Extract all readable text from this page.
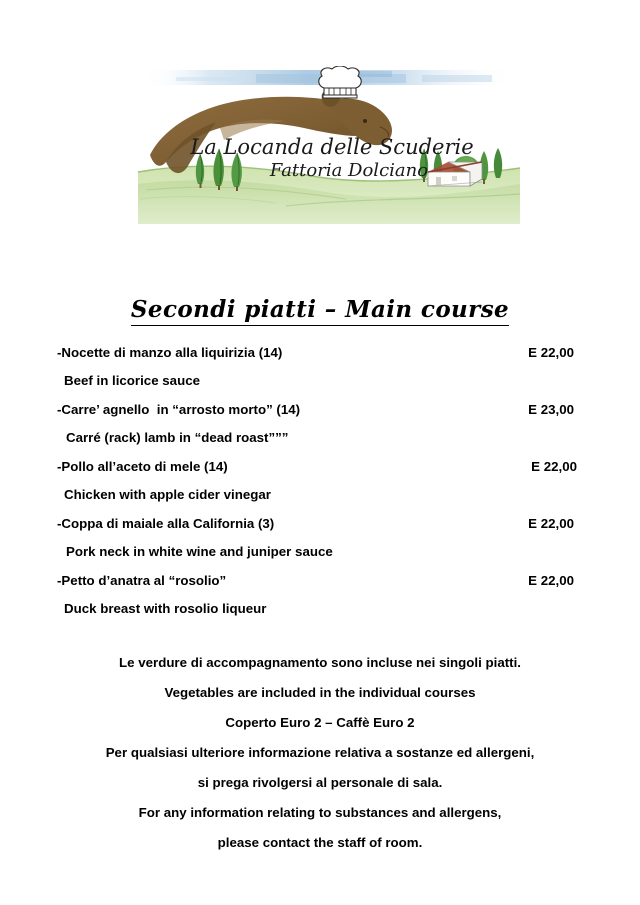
La Locanda delle Scuderie
Fattoria Dolciano
Secondi piatti – Main course
-Nocette di manzo alla liquirizia (14)	E 22,00
Beef in licorice sauce
-Carre’ agnello  in “arrosto morto” (14)	E 23,00
Carré (rack) lamb in “dead roast”””
-Pollo all’aceto di mele (14)	E 22,00
Chicken with apple cider vinegar
-Coppa di maiale alla California (3)	E 22,00
Pork neck in white wine and juniper sauce
-Petto d’anatra al “rosolio”	E 22,00
Duck breast with rosolio liqueur
Le verdure di accompagnamento sono incluse nei singoli piatti.
Vegetables are included in the individual courses
Coperto Euro 2 – Caffè Euro 2
Per qualsiasi ulteriore informazione relativa a sostanze ed allergeni,
si prega rivolgersi al personale di sala.
For any information relating to substances and allergens,
please contact the staff of room.
